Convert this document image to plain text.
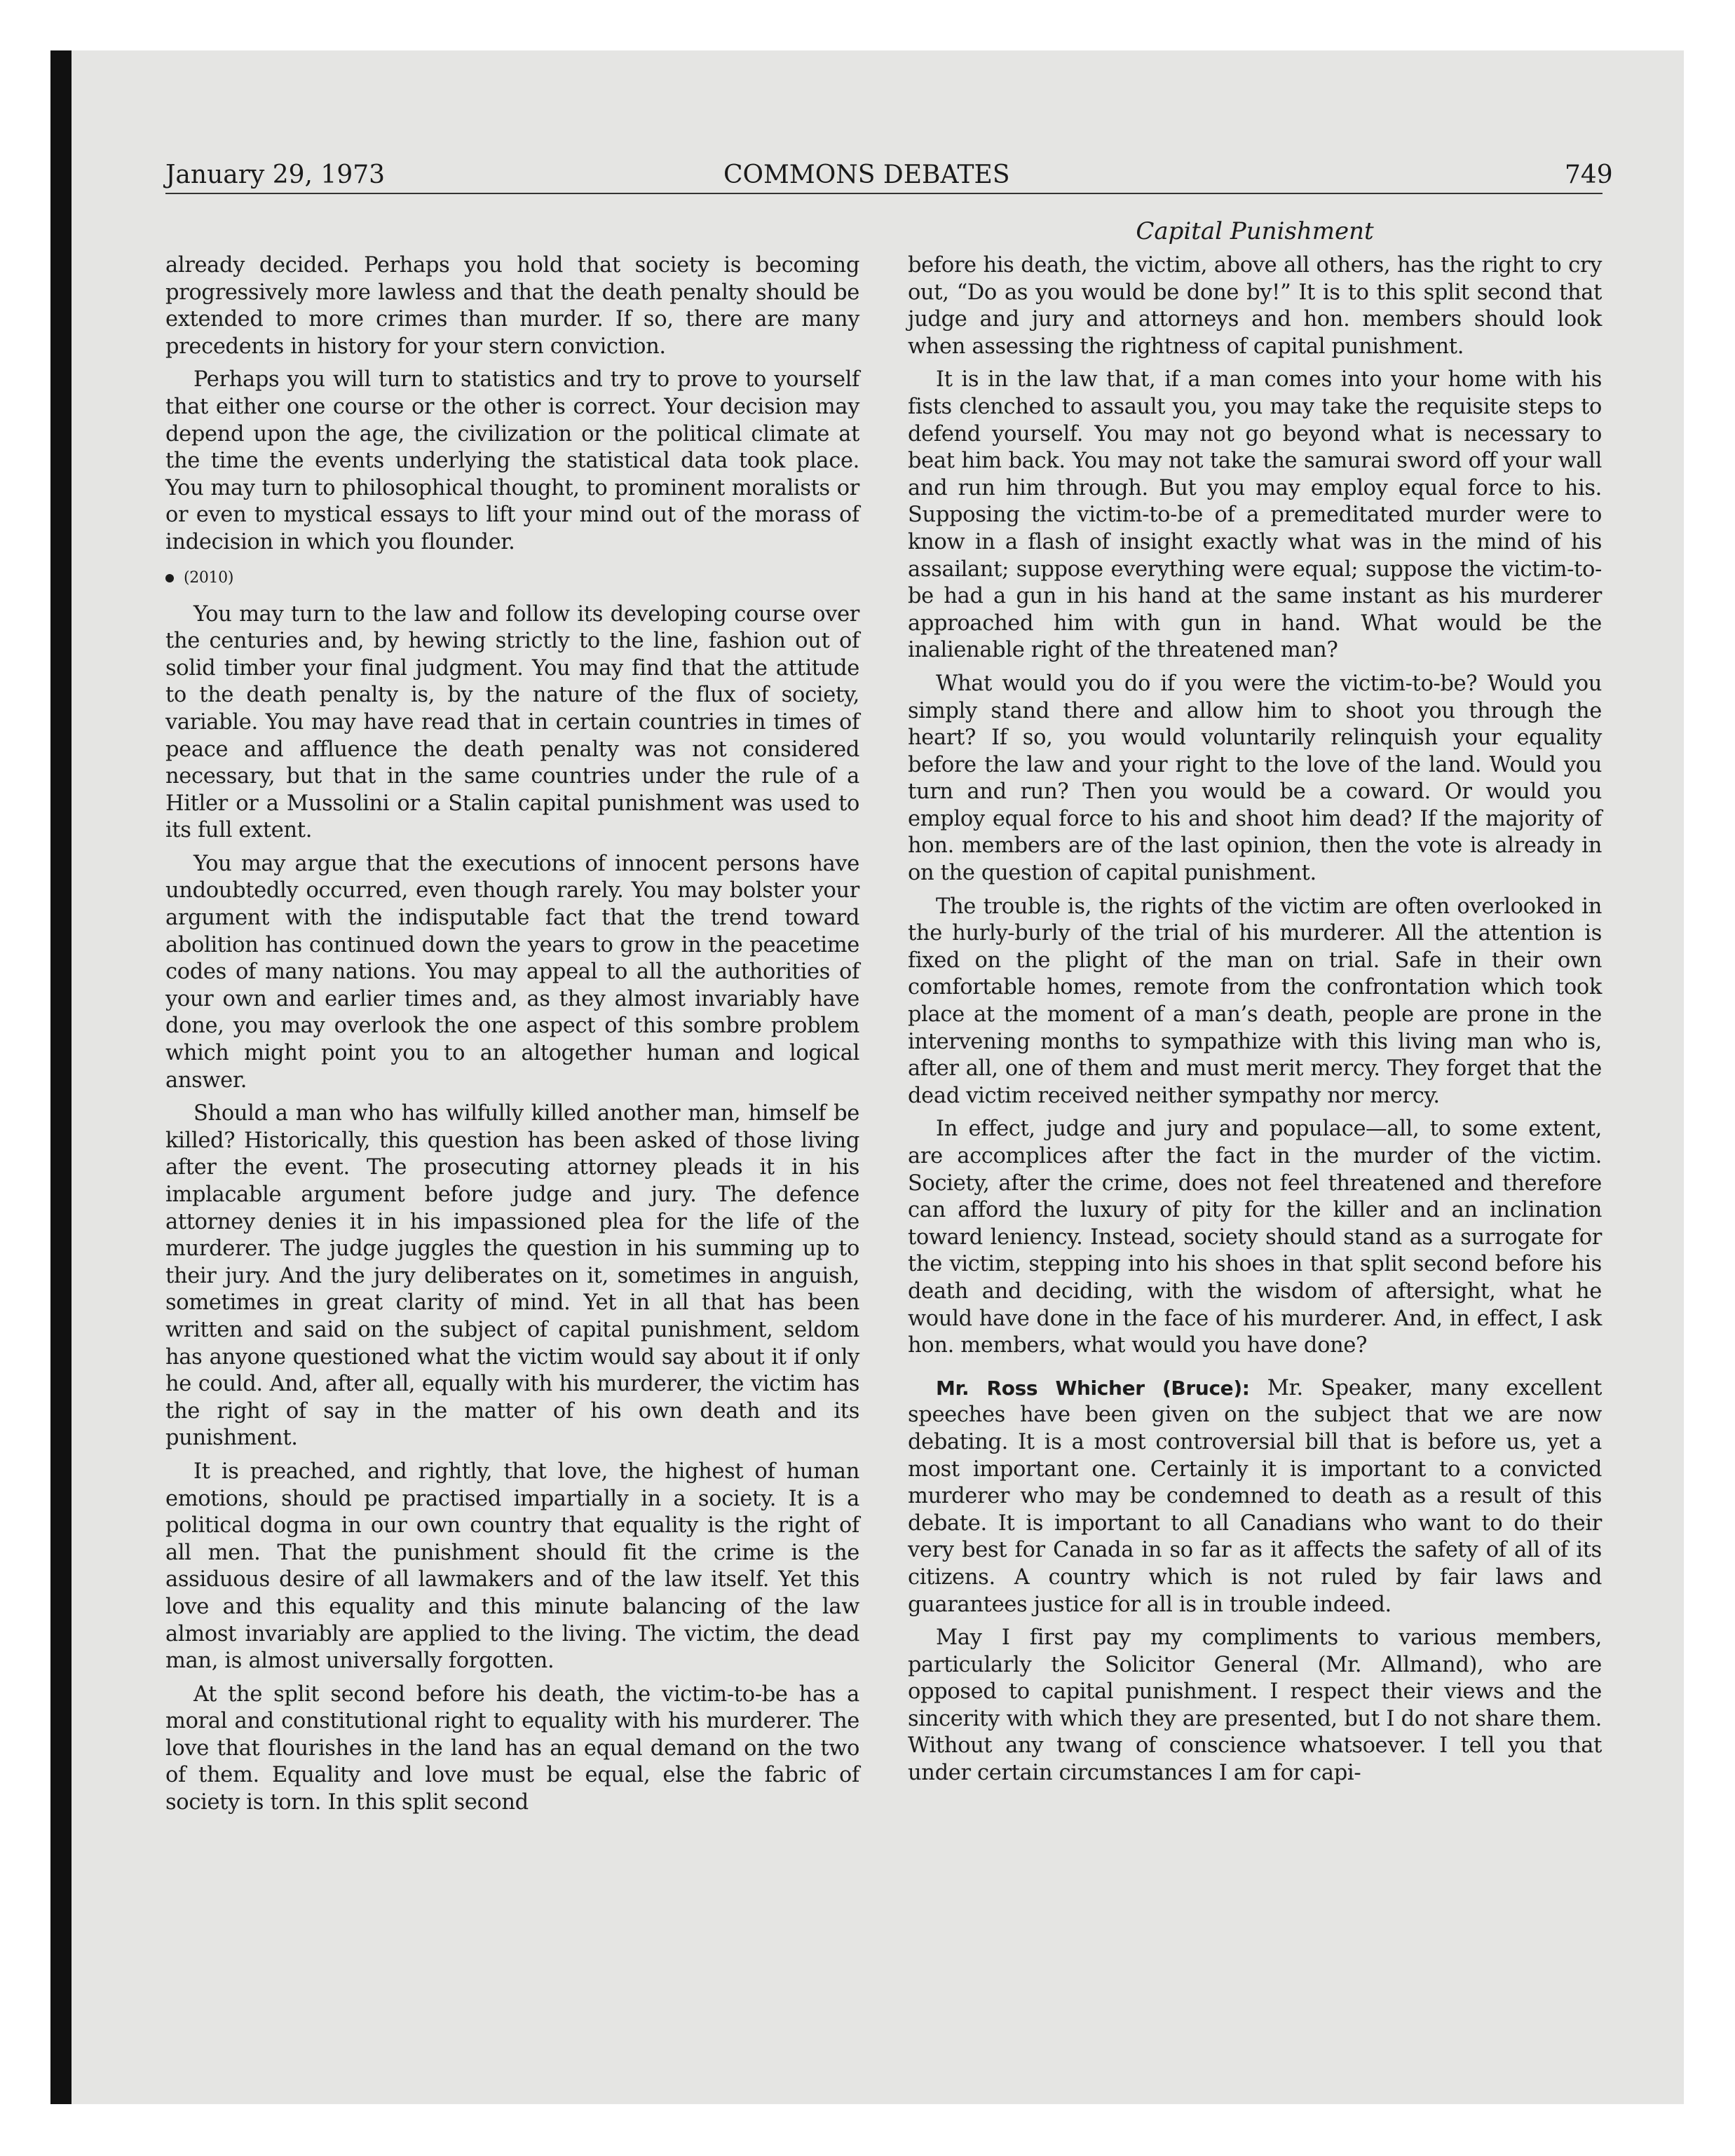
January 29, 1973	COMMONS DEBATES	749
Capital Punishment

already decided. Perhaps you hold that society is becoming progressively more lawless and that the death penalty should be extended to more crimes than murder. If so, there are many precedents in history for your stern conviction.

Perhaps you will turn to statistics and try to prove to yourself that either one course or the other is correct. Your decision may depend upon the age, the civilization or the political climate at the time the events underlying the statistical data took place. You may turn to philosophical thought, to prominent moralists or or even to mystical essays to lift your mind out of the morass of indecision in which you flounder.

(2010)

You may turn to the law and follow its developing course over the centuries and, by hewing strictly to the line, fashion out of solid timber your final judgment. You may find that the attitude to the death penalty is, by the nature of the flux of society, variable. You may have read that in certain countries in times of peace and affluence the death penalty was not considered necessary, but that in the same countries under the rule of a Hitler or a Mussolini or a Stalin capital punishment was used to its full extent.

You may argue that the executions of innocent persons have undoubtedly occurred, even though rarely. You may bolster your argument with the indisputable fact that the trend toward abolition has continued down the years to grow in the peacetime codes of many nations. You may appeal to all the authorities of your own and earlier times and, as they almost invariably have done, you may overlook the one aspect of this sombre problem which might point you to an altogether human and logical answer.

Should a man who has wilfully killed another man, himself be killed? Historically, this question has been asked of those living after the event. The prosecuting attorney pleads it in his implacable argument before judge and jury. The defence attorney denies it in his impassioned plea for the life of the murderer. The judge juggles the question in his summing up to their jury. And the jury deliberates on it, sometimes in anguish, sometimes in great clarity of mind. Yet in all that has been written and said on the subject of capital punishment, seldom has anyone questioned what the victim would say about it if only he could. And, after all, equally with his murderer, the victim has the right of say in the matter of his own death and its punishment.

It is preached, and rightly, that love, the highest of human emotions, should pe practised impartially in a society. It is a political dogma in our own country that equality is the right of all men. That the punishment should fit the crime is the assiduous desire of all lawmakers and of the law itself. Yet this love and this equality and this minute balancing of the law almost invariably are applied to the living. The victim, the dead man, is almost universally forgotten.

At the split second before his death, the victim-to-be has a moral and constitutional right to equality with his murderer. The love that flourishes in the land has an equal demand on the two of them. Equality and love must be equal, else the fabric of society is torn. In this split second

before his death, the victim, above all others, has the right to cry out, “Do as you would be done by!” It is to this split second that judge and jury and attorneys and hon. members should look when assessing the rightness of capital punishment.

It is in the law that, if a man comes into your home with his fists clenched to assault you, you may take the requisite steps to defend yourself. You may not go beyond what is necessary to beat him back. You may not take the samurai sword off your wall and run him through. But you may employ equal force to his. Supposing the victim-to-be of a premeditated murder were to know in a flash of insight exactly what was in the mind of his assailant; suppose everything were equal; suppose the victim-to-be had a gun in his hand at the same instant as his murderer approached him with gun in hand. What would be the inalienable right of the threatened man?

What would you do if you were the victim-to-be? Would you simply stand there and allow him to shoot you through the heart? If so, you would voluntarily relinquish your equality before the law and your right to the love of the land. Would you turn and run? Then you would be a coward. Or would you employ equal force to his and shoot him dead? If the majority of hon. members are of the last opinion, then the vote is already in on the question of capital punishment.

The trouble is, the rights of the victim are often overlooked in the hurly-burly of the trial of his murderer. All the attention is fixed on the plight of the man on trial. Safe in their own comfortable homes, remote from the confrontation which took place at the moment of a man’s death, people are prone in the intervening months to sympathize with this living man who is, after all, one of them and must merit mercy. They forget that the dead victim received neither sympathy nor mercy.

In effect, judge and jury and populace—all, to some extent, are accomplices after the fact in the murder of the victim. Society, after the crime, does not feel threatened and therefore can afford the luxury of pity for the killer and an inclination toward leniency. Instead, society should stand as a surrogate for the victim, stepping into his shoes in that split second before his death and deciding, with the wisdom of aftersight, what he would have done in the face of his murderer. And, in effect, I ask hon. members, what would you have done?

Mr. Ross Whicher (Bruce): Mr. Speaker, many excellent speeches have been given on the subject that we are now debating. It is a most controversial bill that is before us, yet a most important one. Certainly it is important to a convicted murderer who may be condemned to death as a result of this debate. It is important to all Canadians who want to do their very best for Canada in so far as it affects the safety of all of its citizens. A country which is not ruled by fair laws and guarantees justice for all is in trouble indeed.

May I first pay my compliments to various members, particularly the Solicitor General (Mr. Allmand), who are opposed to capital punishment. I respect their views and the sincerity with which they are presented, but I do not share them. Without any twang of conscience whatsoever. I tell you that under certain circumstances I am for capi-
